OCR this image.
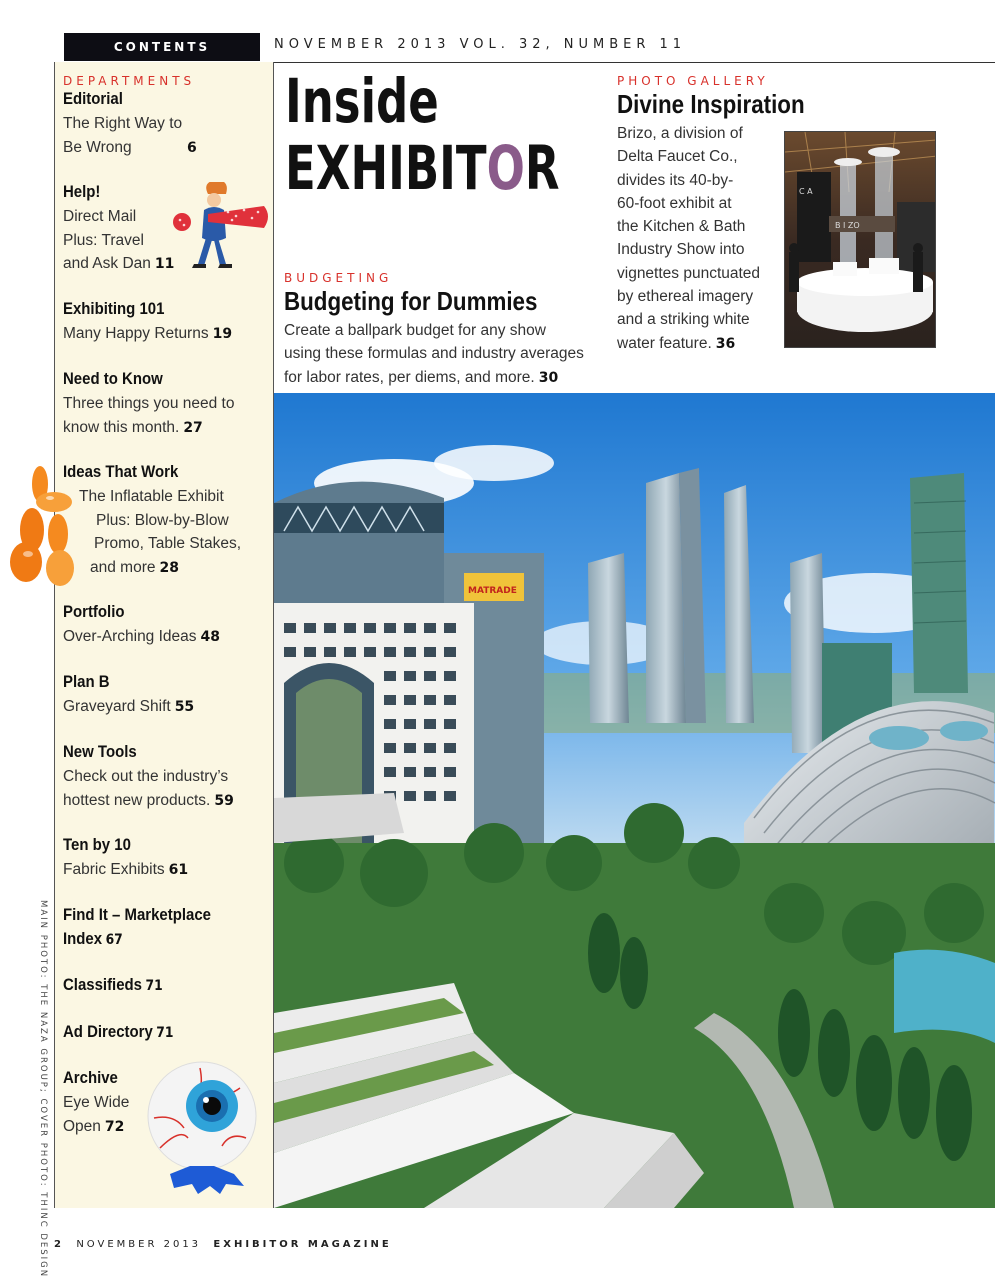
CONTENTS	NOVEMBER 2013 VOL. 32, NUMBER 11
DEPARTMENTS
Editorial
The Right Way to Be Wrong	6
Help!
Direct Mail
Plus: Travel
and Ask Dan 11
Exhibiting 101
Many Happy Returns 19
Need to Know
Three things you need to
know this month. 27
Ideas That Work
The Inflatable Exhibit
Plus: Blow-by-Blow
Promo, Table Stakes,
and more 28
Portfolio
Over-Arching Ideas 48
Plan B
Graveyard Shift 55
New Tools
Check out the industry’s
hottest new products. 59
Ten by 10
Fabric Exhibits 61
Find It – Marketplace
Index 67
Classifieds 71
Ad Directory 71
Archive
Eye Wide
Open 72
Inside
EXHIBITOR
BUDGETING
Budgeting for Dummies
Create a ballpark budget for any show
using these formulas and industry averages
for labor rates, per diems, and more. 30
PHOTO GALLERY
Divine Inspiration
Brizo, a division of
Delta Faucet Co.,
divides its 40-by-
60-foot exhibit at
the Kitchen & Bath
Industry Show into
vignettes punctuated
by ethereal imagery
and a striking white
water feature. 36
C A
B I ZO
MATRADE
MAIN PHOTO: THE NAZA GROUP; COVER PHOTO: THINC DESIGN 2 NOVEMBER 2013 EXHIBITOR MAGAZINE
